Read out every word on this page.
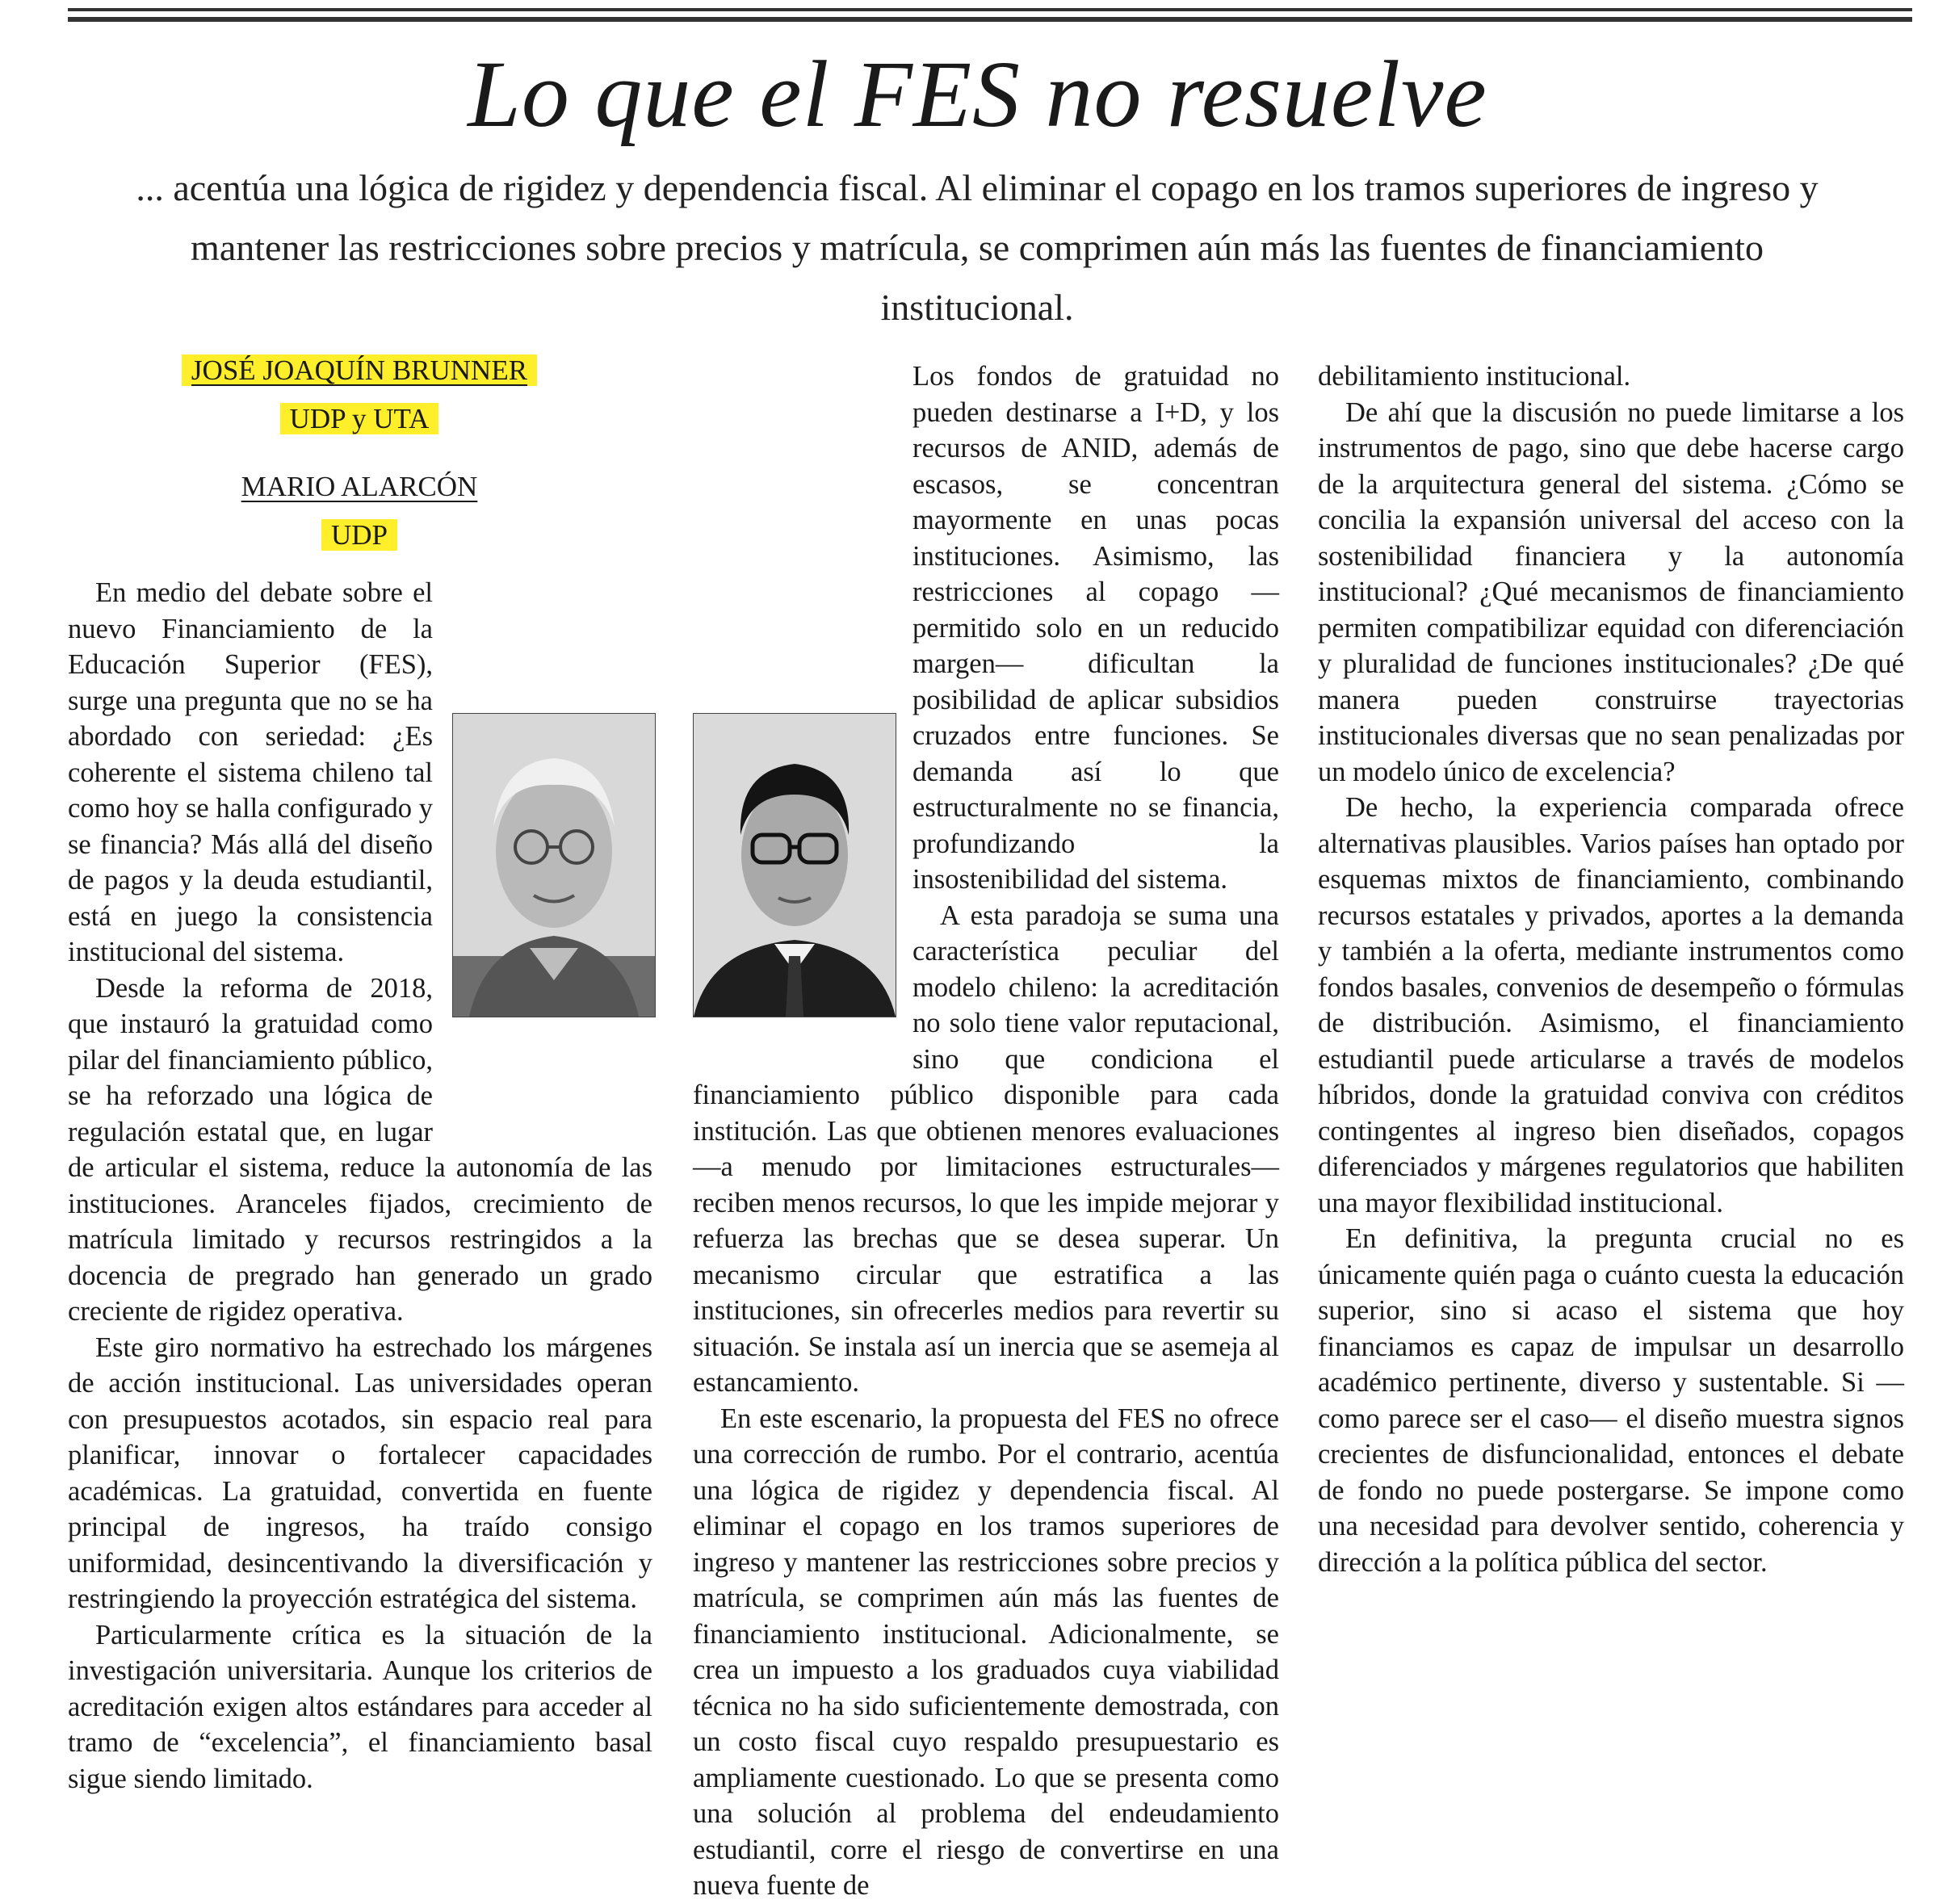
Lo que el FES no resuelve
... acentúa una lógica de rigidez y dependencia fiscal. Al eliminar el copago en los tramos superiores de ingreso y mantener las restricciones sobre precios y matrícula, se comprimen aún más las fuentes de financiamiento institucional.
JOSÉ JOAQUÍN BRUNNER
UDP y UTA
MARIO ALARCÓN
UDP

En medio del debate sobre el nuevo Financiamiento de la Educación Superior (FES), surge una pregunta que no se ha abordado con seriedad: ¿Es coherente el sistema chileno tal como hoy se halla configurado y se financia? Más allá del diseño de pagos y la deuda estudiantil, está en juego la consistencia institucional del sistema.

Desde la reforma de 2018, que instauró la gratuidad como pilar del financiamiento público, se ha reforzado una lógica de regulación estatal que, en lugar de articular el sistema, reduce la autonomía de las instituciones. Aranceles fijados, crecimiento de matrícula limitado y recursos restringidos a la docencia de pregrado han generado un grado creciente de rigidez operativa.

Este giro normativo ha estrechado los márgenes de acción institucional. Las universidades operan con presupuestos acotados, sin espacio real para planificar, innovar o fortalecer capacidades académicas. La gratuidad, convertida en fuente principal de ingresos, ha traído consigo uniformidad, desincentivando la diversificación y restringiendo la proyección estratégica del sistema.

Particularmente crítica es la situación de la investigación universitaria. Aunque los criterios de acreditación exigen altos estándares para acceder al tramo de “excelencia”, el financiamiento basal sigue siendo limitado.

Los fondos de gratuidad no pueden destinarse a I+D, y los recursos de ANID, además de escasos, se concentran mayormente en unas pocas instituciones. Asimismo, las restricciones al copago —permitido solo en un reducido margen— dificultan la posibilidad de aplicar subsidios cruzados entre funciones. Se demanda así lo que estructuralmente no se financia, profundizando la insostenibilidad del sistema.

A esta paradoja se suma una característica peculiar del modelo chileno: la acreditación no solo tiene valor reputacional, sino que condiciona el financiamiento público disponible para cada institución. Las que obtienen menores evaluaciones —a menudo por limitaciones estructurales— reciben menos recursos, lo que les impide mejorar y refuerza las brechas que se desea superar. Un mecanismo circular que estratifica a las instituciones, sin ofrecerles medios para revertir su situación. Se instala así un inercia que se asemeja al estancamiento.

En este escenario, la propuesta del FES no ofrece una corrección de rumbo. Por el contrario, acentúa una lógica de rigidez y dependencia fiscal. Al eliminar el copago en los tramos superiores de ingreso y mantener las restricciones sobre precios y matrícula, se comprimen aún más las fuentes de financiamiento institucional. Adicionalmente, se crea un impuesto a los graduados cuya viabilidad técnica no ha sido suficientemente demostrada, con un costo fiscal cuyo respaldo presupuestario es ampliamente cuestionado. Lo que se presenta como una solución al problema del endeudamiento estudiantil, corre el riesgo de convertirse en una nueva fuente de

debilitamiento institucional.

De ahí que la discusión no puede limitarse a los instrumentos de pago, sino que debe hacerse cargo de la arquitectura general del sistema. ¿Cómo se concilia la expansión universal del acceso con la sostenibilidad financiera y la autonomía institucional? ¿Qué mecanismos de financiamiento permiten compatibilizar equidad con diferenciación y pluralidad de funciones institucionales? ¿De qué manera pueden construirse trayectorias institucionales diversas que no sean penalizadas por un modelo único de excelencia?

De hecho, la experiencia comparada ofrece alternativas plausibles. Varios países han optado por esquemas mixtos de financiamiento, combinando recursos estatales y privados, aportes a la demanda y también a la oferta, mediante instrumentos como fondos basales, convenios de desempeño o fórmulas de distribución. Asimismo, el financiamiento estudiantil puede articularse a través de modelos híbridos, donde la gratuidad conviva con créditos contingentes al ingreso bien diseñados, copagos diferenciados y márgenes regulatorios que habiliten una mayor flexibilidad institucional.

En definitiva, la pregunta crucial no es únicamente quién paga o cuánto cuesta la educación superior, sino si acaso el sistema que hoy financiamos es capaz de impulsar un desarrollo académico pertinente, diverso y sustentable. Si —como parece ser el caso— el diseño muestra signos crecientes de disfuncionalidad, entonces el debate de fondo no puede postergarse. Se impone como una necesidad para devolver sentido, coherencia y dirección a la política pública del sector.
